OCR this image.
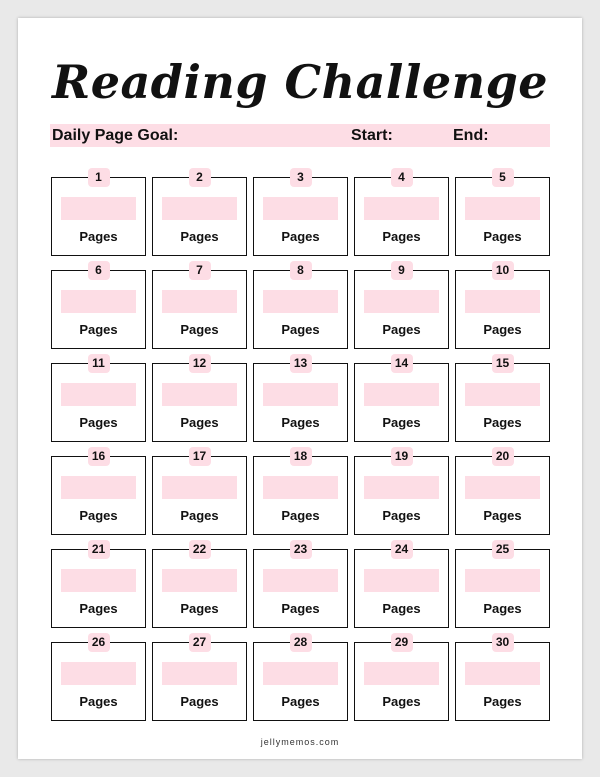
Reading Challenge
Daily Page Goal:	Start:	End:
1
Pages
2
Pages
3
Pages
4
Pages
5
Pages
6
Pages
7
Pages
8
Pages
9
Pages
10
Pages
11
Pages
12
Pages
13
Pages
14
Pages
15
Pages
16
Pages
17
Pages
18
Pages
19
Pages
20
Pages
21
Pages
22
Pages
23
Pages
24
Pages
25
Pages
26
Pages
27
Pages
28
Pages
29
Pages
30
Pages
jellymemos.com
